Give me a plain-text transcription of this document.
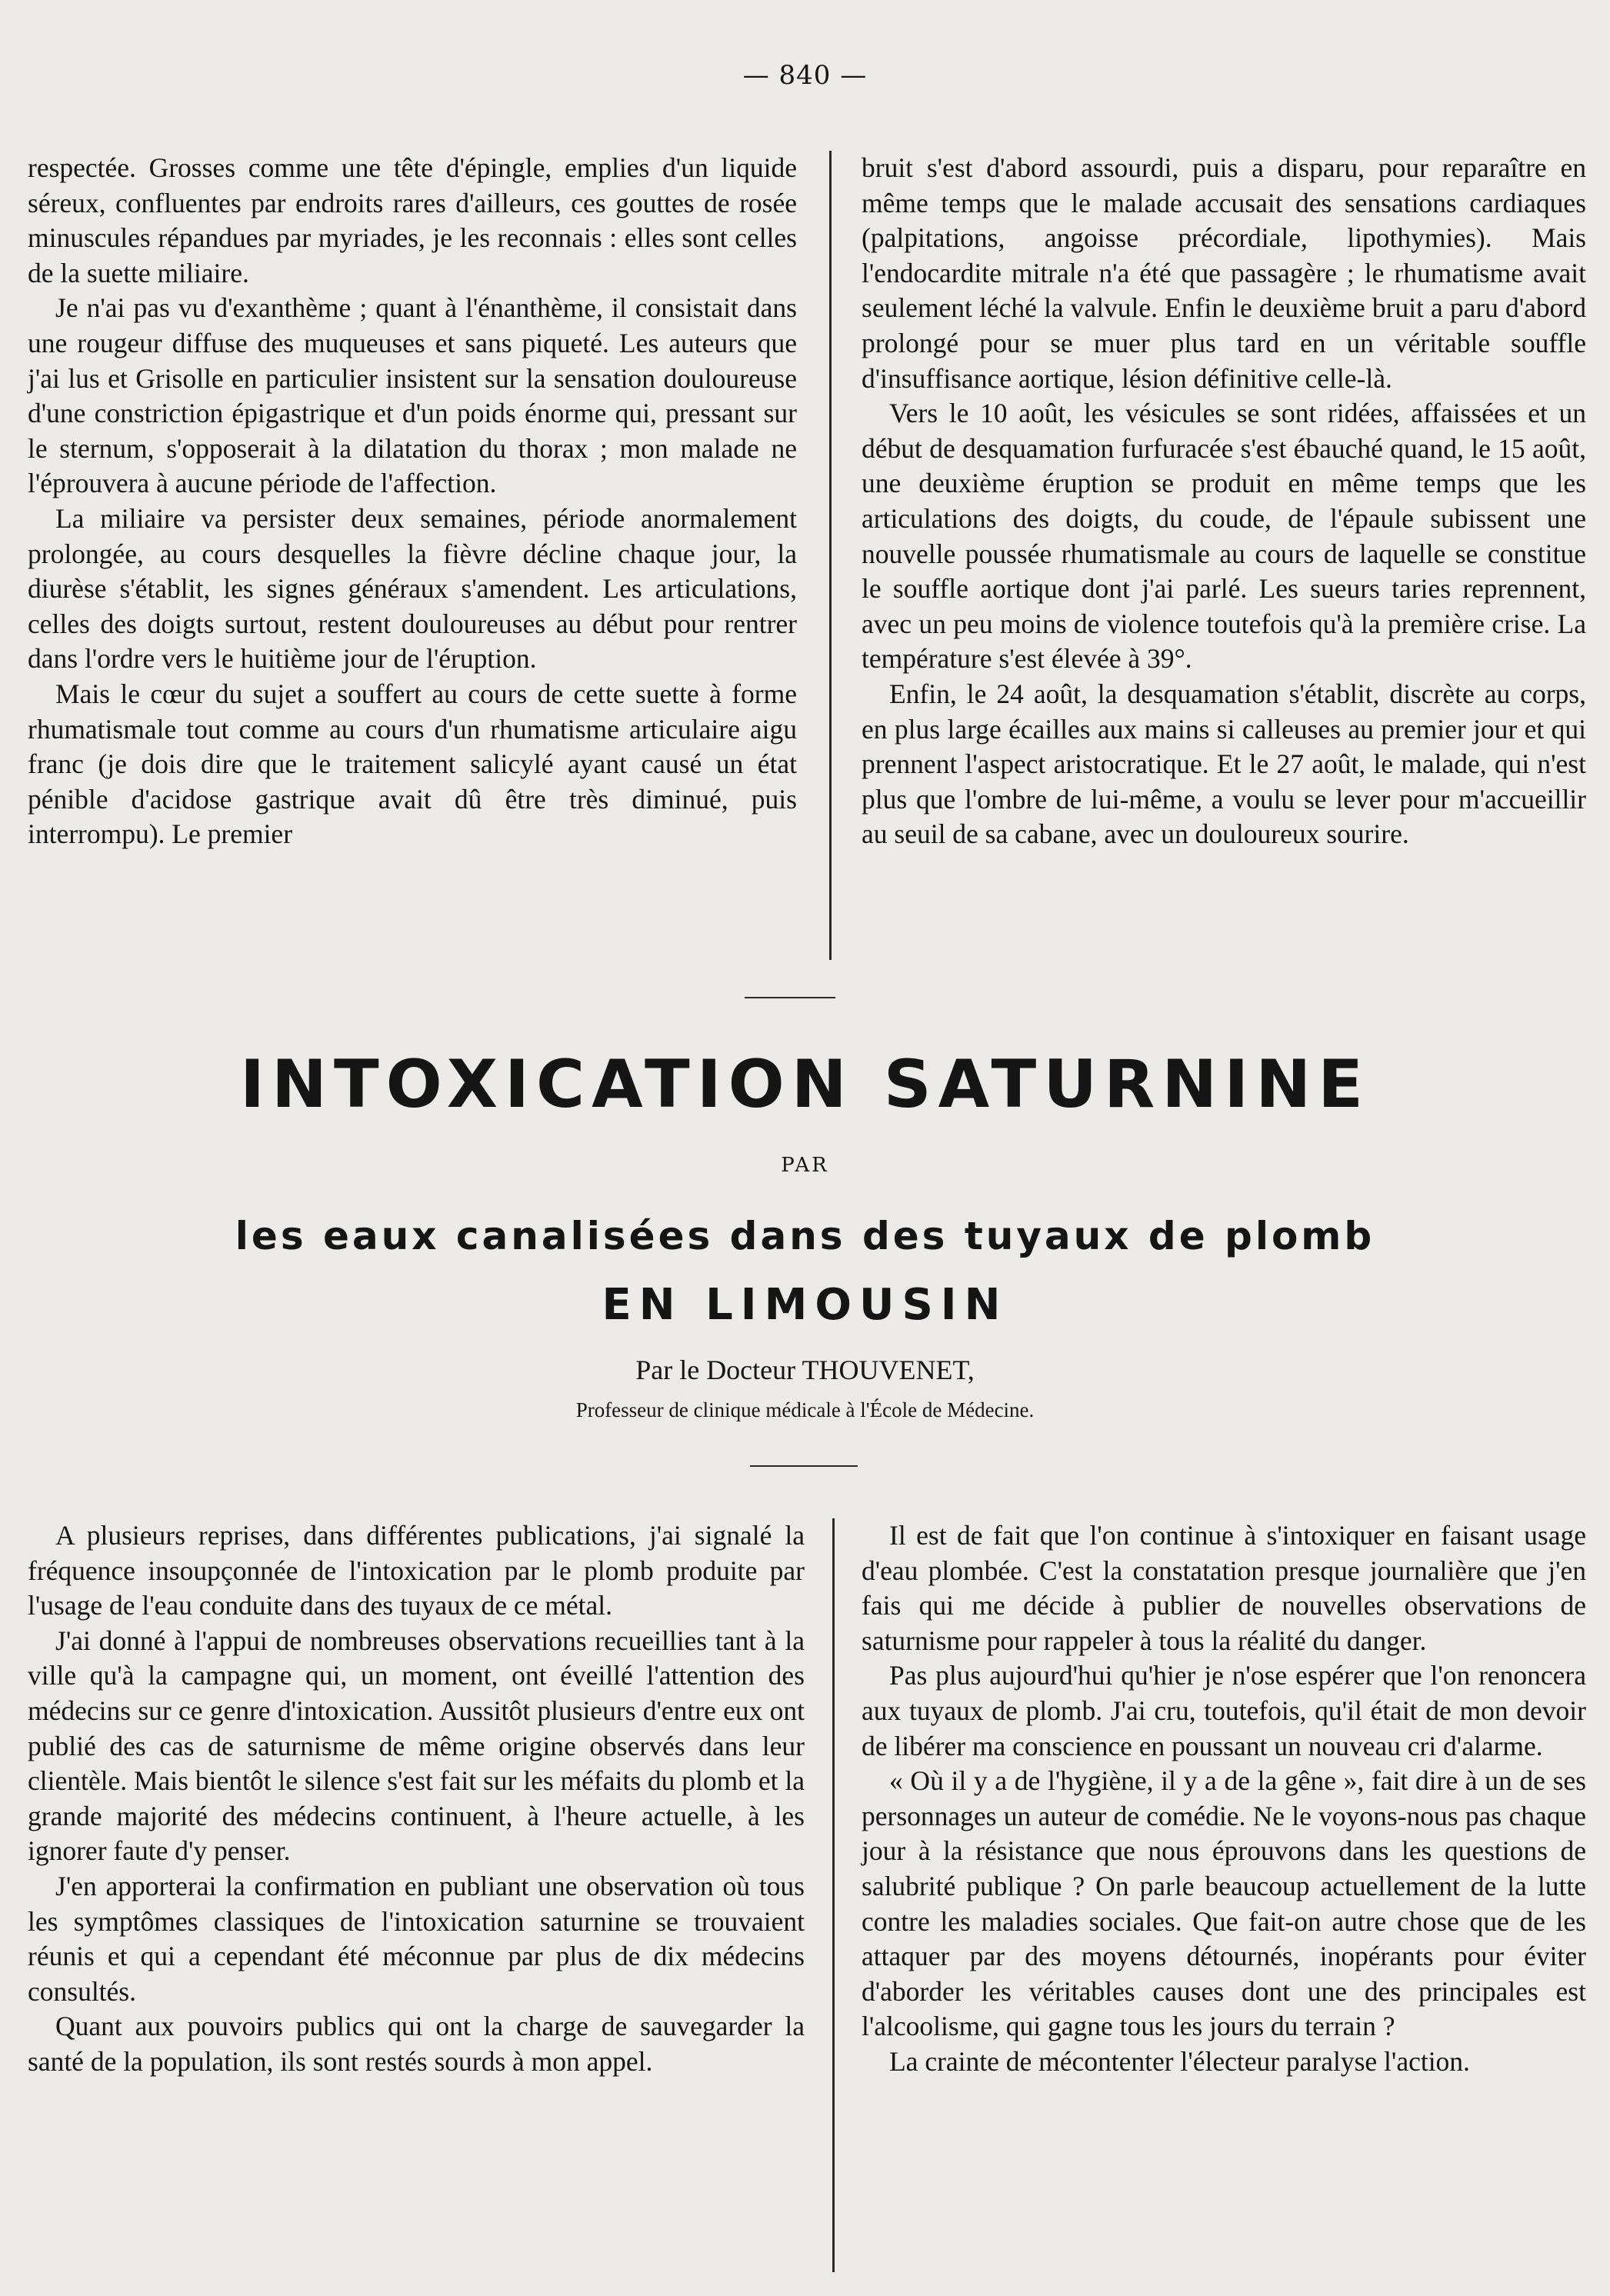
— 840 —

respectée. Grosses comme une tête d'épingle, emplies d'un liquide séreux, confluentes par endroits rares d'ailleurs, ces gouttes de rosée minuscules répandues par myriades, je les reconnais : elles sont celles de la suette miliaire.

Je n'ai pas vu d'exanthème ; quant à l'énanthème, il consistait dans une rougeur diffuse des muqueuses et sans piqueté. Les auteurs que j'ai lus et Grisolle en particulier insistent sur la sensation douloureuse d'une constriction épigastrique et d'un poids énorme qui, pressant sur le sternum, s'opposerait à la dilatation du thorax ; mon malade ne l'éprouvera à aucune période de l'affection.

La miliaire va persister deux semaines, période anormalement prolongée, au cours desquelles la fièvre décline chaque jour, la diurèse s'établit, les signes généraux s'amendent. Les articulations, celles des doigts surtout, restent douloureuses au début pour rentrer dans l'ordre vers le huitième jour de l'éruption.

Mais le cœur du sujet a souffert au cours de cette suette à forme rhumatismale tout comme au cours d'un rhumatisme articulaire aigu franc (je dois dire que le traitement salicylé ayant causé un état pénible d'acidose gastrique avait dû être très diminué, puis interrompu). Le premier

bruit s'est d'abord assourdi, puis a disparu, pour reparaître en même temps que le malade accusait des sensations cardiaques (palpitations, angoisse précordiale, lipothymies). Mais l'endocardite mitrale n'a été que passagère ; le rhumatisme avait seulement léché la valvule. Enfin le deuxième bruit a paru d'abord prolongé pour se muer plus tard en un véritable souffle d'insuffisance aortique, lésion définitive celle-là.

Vers le 10 août, les vésicules se sont ridées, affaissées et un début de desquamation furfuracée s'est ébauché quand, le 15 août, une deuxième éruption se produit en même temps que les articulations des doigts, du coude, de l'épaule subissent une nouvelle poussée rhumatismale au cours de laquelle se constitue le souffle aortique dont j'ai parlé. Les sueurs taries reprennent, avec un peu moins de violence toutefois qu'à la première crise. La température s'est élevée à 39°.

Enfin, le 24 août, la desquamation s'établit, discrète au corps, en plus large écailles aux mains si calleuses au premier jour et qui prennent l'aspect aristocratique. Et le 27 août, le malade, qui n'est plus que l'ombre de lui-même, a voulu se lever pour m'accueillir au seuil de sa cabane, avec un douloureux sourire.

INTOXICATION SATURNINE
PAR
les eaux canalisées dans des tuyaux de plomb
EN LIMOUSIN
Par le Docteur THOUVENET,
Professeur de clinique médicale à l'École de Médecine.

A plusieurs reprises, dans différentes publications, j'ai signalé la fréquence insoupçonnée de l'intoxication par le plomb produite par l'usage de l'eau conduite dans des tuyaux de ce métal.

J'ai donné à l'appui de nombreuses observations recueillies tant à la ville qu'à la campagne qui, un moment, ont éveillé l'attention des médecins sur ce genre d'intoxication. Aussitôt plusieurs d'entre eux ont publié des cas de saturnisme de même origine observés dans leur clientèle. Mais bientôt le silence s'est fait sur les méfaits du plomb et la grande majorité des médecins continuent, à l'heure actuelle, à les ignorer faute d'y penser.

J'en apporterai la confirmation en publiant une observation où tous les symptômes classiques de l'intoxication saturnine se trouvaient réunis et qui a cependant été méconnue par plus de dix médecins consultés.

Quant aux pouvoirs publics qui ont la charge de sauvegarder la santé de la population, ils sont restés sourds à mon appel.

Il est de fait que l'on continue à s'intoxiquer en faisant usage d'eau plombée. C'est la constatation presque journalière que j'en fais qui me décide à publier de nouvelles observations de saturnisme pour rappeler à tous la réalité du danger.

Pas plus aujourd'hui qu'hier je n'ose espérer que l'on renoncera aux tuyaux de plomb. J'ai cru, toutefois, qu'il était de mon devoir de libérer ma conscience en poussant un nouveau cri d'alarme.

« Où il y a de l'hygiène, il y a de la gêne », fait dire à un de ses personnages un auteur de comédie. Ne le voyons-nous pas chaque jour à la résistance que nous éprouvons dans les questions de salubrité publique ? On parle beaucoup actuellement de la lutte contre les maladies sociales. Que fait-on autre chose que de les attaquer par des moyens détournés, inopérants pour éviter d'aborder les véritables causes dont une des principales est l'alcoolisme, qui gagne tous les jours du terrain ?

La crainte de mécontenter l'électeur paralyse l'action.
